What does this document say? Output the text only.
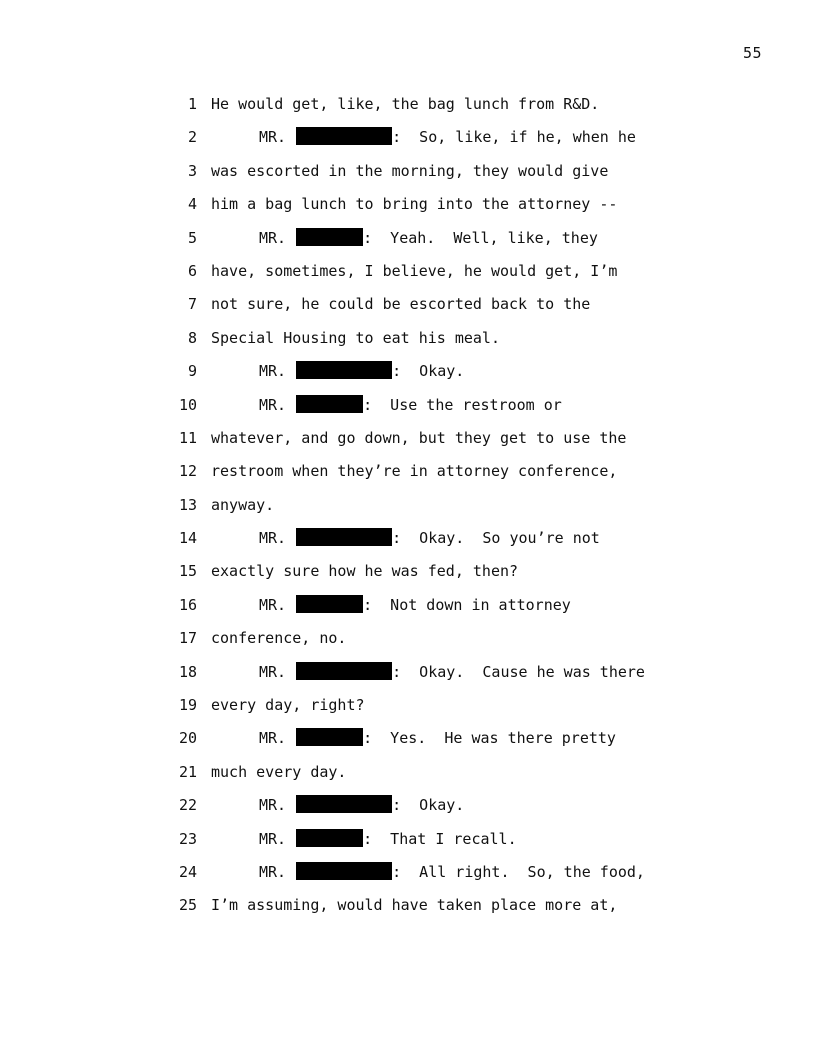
55
1 He would get, like, the bag lunch from R&D.
2	MR.	:  So, like, if he, when he
3 was escorted in the morning, they would give
4 him a bag lunch to bring into the attorney --
5	MR.	:  Yeah.  Well, like, they
6 have, sometimes, I believe, he would get, I’m
7 not sure, he could be escorted back to the
8 Special Housing to eat his meal.
9	MR.	:  Okay.
10	MR.	:  Use the restroom or
11 whatever, and go down, but they get to use the
12 restroom when they’re in attorney conference,
13 anyway.
14	MR.	:  Okay.  So you’re not
15 exactly sure how he was fed, then?
16	MR.	:  Not down in attorney
17 conference, no.
18	MR.	:  Okay.  Cause he was there
19 every day, right?
20	MR.	:  Yes.  He was there pretty
21 much every day.
22	MR.	:  Okay.
23	MR.	:  That I recall.
24	MR.	:  All right.  So, the food,
25 I’m assuming, would have taken place more at,
